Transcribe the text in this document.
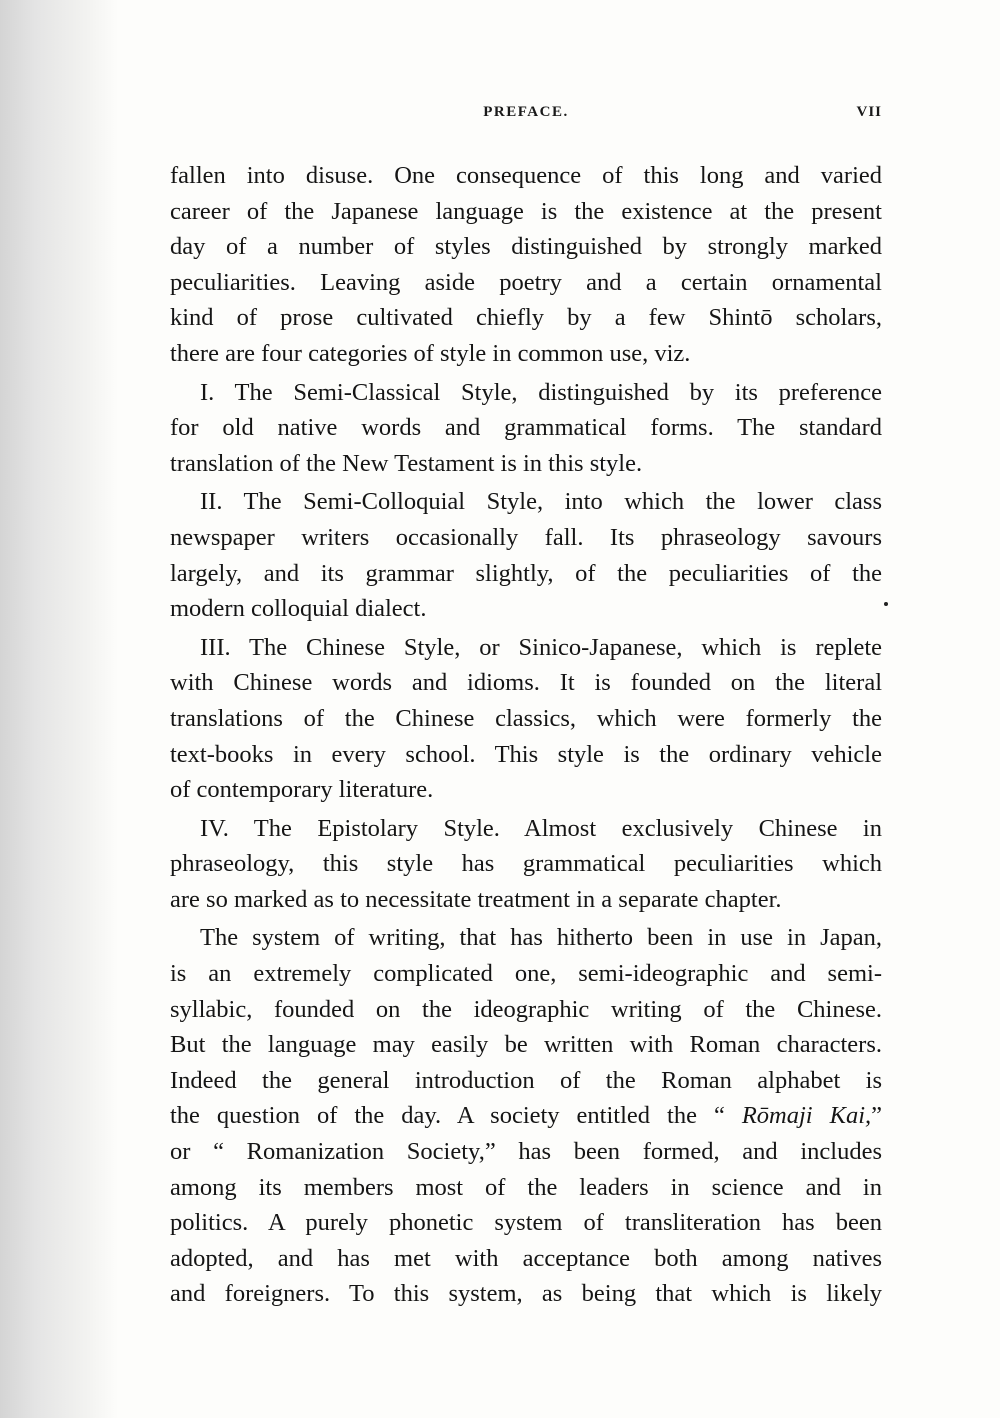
PREFACE.	VII
fallen into disuse. One consequence of this long and varied
career of the Japanese language is the existence at the present
day of a number of styles distinguished by strongly marked
peculiarities. Leaving aside poetry and a certain ornamental
kind of prose cultivated chiefly by a few Shintō scholars,
there are four categories of style in common use, viz.
I. The Semi-Classical Style, distinguished by its preference
for old native words and grammatical forms. The standard
translation of the New Testament is in this style.
II. The Semi-Colloquial Style, into which the lower class
newspaper writers occasionally fall. Its phraseology savours
largely, and its grammar slightly, of the peculiarities of the
modern colloquial dialect.
III. The Chinese Style, or Sinico-Japanese, which is replete
with Chinese words and idioms. It is founded on the literal
translations of the Chinese classics, which were formerly the
text-books in every school. This style is the ordinary vehicle
of contemporary literature.
IV. The Epistolary Style. Almost exclusively Chinese in
phraseology, this style has grammatical peculiarities which
are so marked as to necessitate treatment in a separate chapter.
The system of writing, that has hitherto been in use in Japan,
is an extremely complicated one, semi-ideographic and semi-
syllabic, founded on the ideographic writing of the Chinese.
But the language may easily be written with Roman characters.
Indeed the general introduction of the Roman alphabet is
the question of the day. A society entitled the “ Rōmaji Kai,”
or “ Romanization Society,” has been formed, and includes
among its members most of the leaders in science and in
politics. A purely phonetic system of transliteration has been
adopted, and has met with acceptance both among natives
and foreigners. To this system, as being that which is likely
